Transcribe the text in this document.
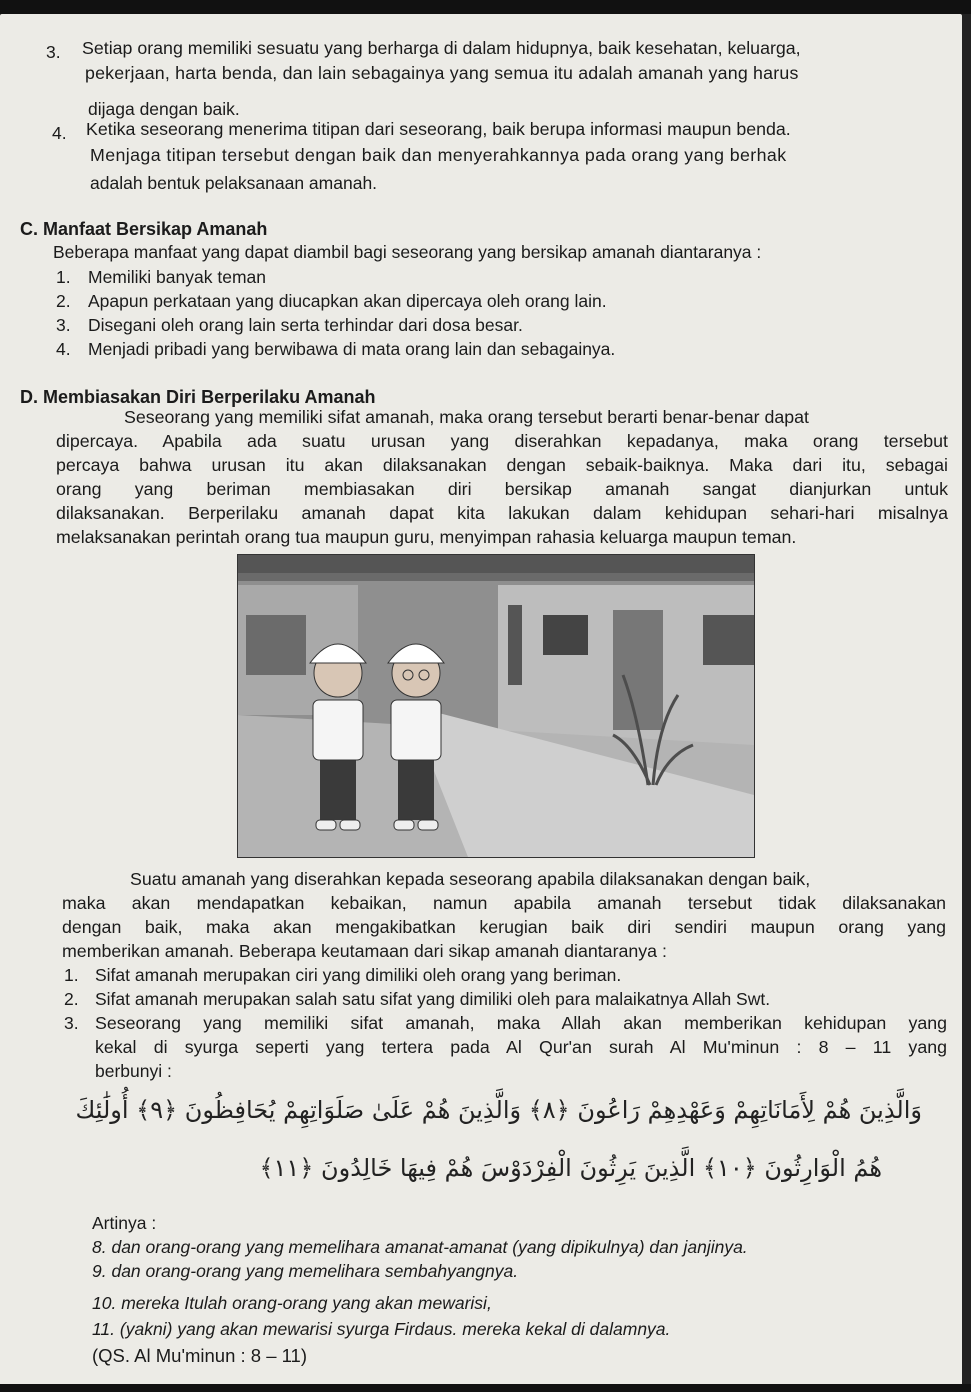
3. Setiap orang memiliki sesuatu yang berharga di dalam hidupnya, baik kesehatan, keluarga,
pekerjaan, harta benda, dan lain sebagainya yang semua itu adalah amanah yang harus
dijaga dengan baik.
4. Ketika seseorang menerima titipan dari seseorang, baik berupa informasi maupun benda.
Menjaga titipan tersebut dengan baik dan menyerahkannya pada orang yang berhak
adalah bentuk pelaksanaan amanah.
C. Manfaat Bersikap Amanah
Beberapa manfaat yang dapat diambil bagi seseorang yang bersikap amanah diantaranya :
1. Memiliki banyak teman
2. Apapun perkataan yang diucapkan akan dipercaya oleh orang lain.
3. Disegani oleh orang lain serta terhindar dari dosa besar.
4. Menjadi pribadi yang berwibawa di mata orang lain dan sebagainya.
D. Membiasakan Diri Berperilaku Amanah
Seseorang yang memiliki sifat amanah, maka orang tersebut berarti benar-benar dapat
dipercaya. Apabila ada suatu urusan yang diserahkan kepadanya, maka orang tersebut
percaya bahwa urusan itu akan dilaksanakan dengan sebaik-baiknya. Maka dari itu, sebagai
orang yang beriman membiasakan diri bersikap amanah sangat dianjurkan untuk
dilaksanakan. Berperilaku amanah dapat kita lakukan dalam kehidupan sehari-hari misalnya
melaksanakan perintah orang tua maupun guru, menyimpan rahasia keluarga maupun teman.
Suatu amanah yang diserahkan kepada seseorang apabila dilaksanakan dengan baik,
maka akan mendapatkan kebaikan, namun apabila amanah tersebut tidak dilaksanakan
dengan baik, maka akan mengakibatkan kerugian baik diri sendiri maupun orang yang
memberikan amanah. Beberapa keutamaan dari sikap amanah diantaranya :
1. Sifat amanah merupakan ciri yang dimiliki oleh orang yang beriman.
2. Sifat amanah merupakan salah satu sifat yang dimiliki oleh para malaikatnya Allah Swt.
3. Seseorang yang memiliki sifat amanah, maka Allah akan memberikan kehidupan yang
kekal di syurga seperti yang tertera pada Al Qur'an surah Al Mu'minun : 8 – 11 yang
berbunyi :
وَالَّذِينَ هُمْ لِأَمَانَاتِهِمْ وَعَهْدِهِمْ رَاعُونَ ﴿٨﴾ وَالَّذِينَ هُمْ عَلَىٰ صَلَوَاتِهِمْ يُحَافِظُونَ ﴿٩﴾ أُولَٰئِكَ
هُمُ الْوَارِثُونَ ﴿١٠﴾ الَّذِينَ يَرِثُونَ الْفِرْدَوْسَ هُمْ فِيهَا خَالِدُونَ ﴿١١﴾
Artinya :
8. dan orang-orang yang memelihara amanat-amanat (yang dipikulnya) dan janjinya.
9. dan orang-orang yang memelihara sembahyangnya.
10. mereka Itulah orang-orang yang akan mewarisi,
11. (yakni) yang akan mewarisi syurga Firdaus. mereka kekal di dalamnya.
(QS. Al Mu'minun : 8 – 11)
